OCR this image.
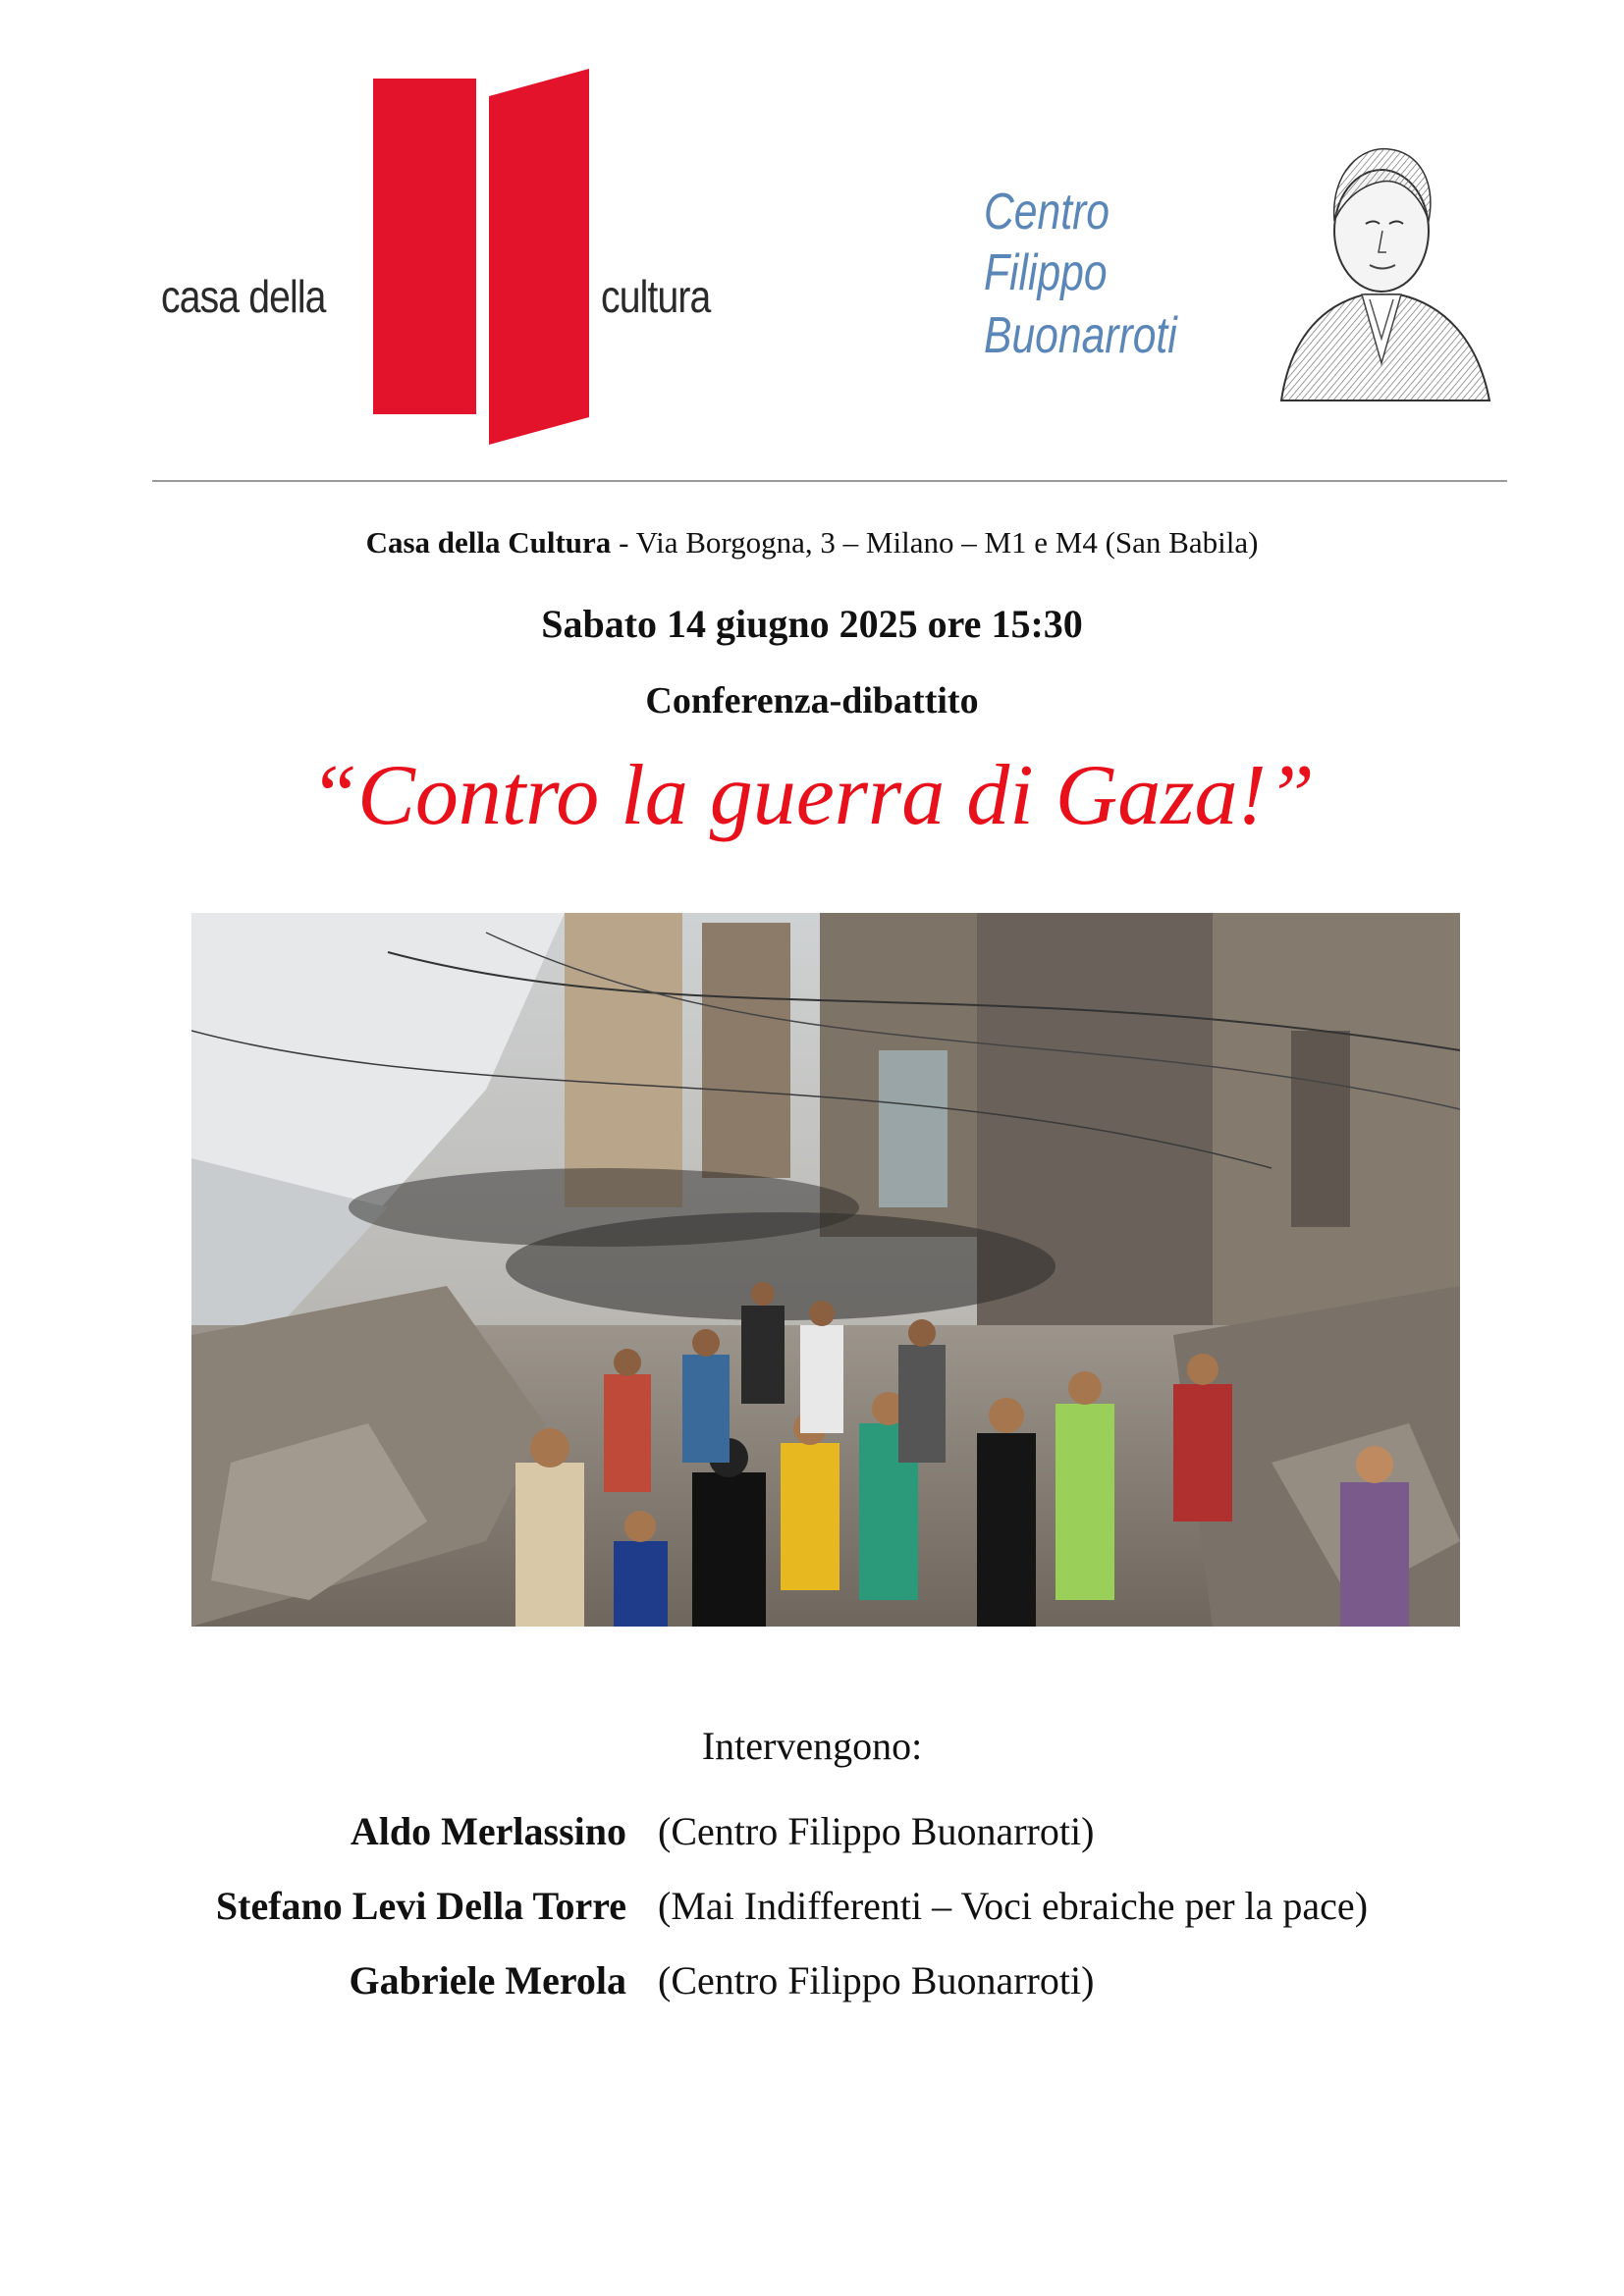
casa della	cultura
Centro
Filippo
Buonarroti
Casa della Cultura - Via Borgogna, 3 – Milano – M1 e M4 (San Babila)
Sabato 14 giugno 2025 ore 15:30
Conferenza-dibattito
“Contro la guerra di Gaza!”
Intervengono:
Aldo Merlassino (Centro Filippo Buonarroti)
Stefano Levi Della Torre (Mai Indifferenti – Voci ebraiche per la pace)
Gabriele Merola (Centro Filippo Buonarroti)
